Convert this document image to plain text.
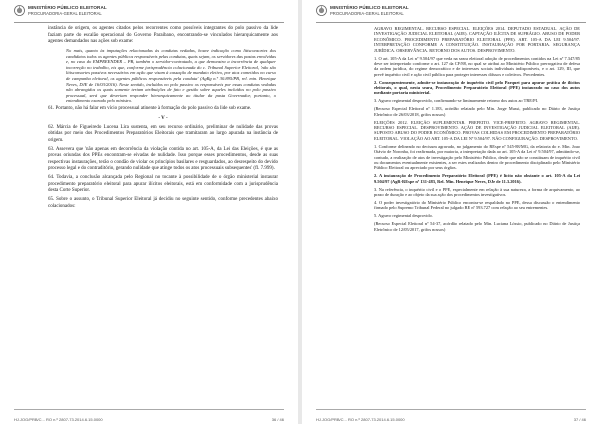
MINISTÉRIO PÚBLICO ELEITORAL
PROCURADORIA-GERAL ELEITORAL

instância de origem, os agentes citados pelos recorrentes como possíveis integrantes do polo passivo da lide faziam parte do escalão operacional do Governo Paraibano, encontrando-se vinculados hierarquicamente aos agentes demandados nas ações sob exame:

No mais, quanto às imputações relacionadas às condutas vedadas, houve indicação como litisconsortes dos candidatos todos os agentes públicos responsáveis pelas condutas, quais sejam, os servidores das pastas envolvidas e, no caso do EMPREENDER – PB, também o servidor-contratado, a que demonstra a incorrência de qualquer incorreção no trabalho, eis que, conforme jurisprudência colacionada do c. Tribunal Superior Eleitoral, 'não são litisconsortes passivos necessários em ação que visam à cassação de mandato eletivo, por atos cometidos no curso de campanha eleitoral, os agentes públicos responsáveis pela conduta' (AgRg n.º 30.895/PB, rel. min. Henrique Neves, DJE de 16/03/2016). Neste sentido, incluídos no polo passivo os responsáveis por essas condutas vedadas não abrangidos os quais somente teriam atribuições de fato e gestão sobre aqueles incluídos no polo passivo processual, será que deveriam responder hierarquicamente ao titular da pasta Governador, portanto, o entendimento exarado pelo ministro.

61. Portanto, não há falar em vício processual atinente à formação do polo passivo da lide sob exame.

- V -

62. Márcia de Figueiredo Lucena Lira sustenta, em seu recurso ordinário, preliminar de nulidade das provas obtidas por meio dos Procedimentos Preparatórios Eleitorais que tramitaram ao largo apurada na instância de origem.

63. Assevera que 'não apenas em decorrência da violação contida no art. 105-A, da Lei das Eleições, é que as provas oriundas dos PPEs encontram-se eivadas de nulidade. Isso porque esses procedimentos, desde as suas respectivas instaurações, terão o condão de violar os princípios basilares e resguardados, ao desrespeito do devido processo legal e do contraditório, gerando nulidade que atinge todos os atos processuais subsequentes' (fl. 7.999).

64. Todavia, a conclusão alcançada pelo Regional no tocante à possibilidade de o órgão ministerial instaurar procedimento preparatório eleitoral para apurar ilícitos eleitorais, está em conformidade com a jurisprudência desta Corte Superior.

65. Sobre o assunto, o Tribunal Superior Eleitoral já decidiu no seguinte sentido, conforme precedentes abaixo colacionados:

HJ.JOG/PRB/C... RO n.º 2807-73.2014.6.15.0000	36 / 46
MINISTÉRIO PÚBLICO ELEITORAL
PROCURADORIA-GERAL ELEITORAL

AGRAVO REGIMENTAL. RECURSO ESPECIAL. ELEIÇÕES 2014. DEPUTADO ESTADUAL. AÇÃO DE INVESTIGAÇÃO JUDICIAL ELEITORAL (AIJE). CAPTAÇÃO ILÍCITA DE SUFRÁGIO. ABUSO DE PODER ECONÔMICO. PROCEDIMENTO PREPARATÓRIO ELEITORAL (PPE). ART. 105-A DA LEI 9.504/97. INTERPRETAÇÃO CONFORME A CONSTITUIÇÃO. INSTAURAÇÃO POR PORTARIA. SEGURANÇA JURÍDICA. OBSERVÂNCIA. RETORNO DOS AUTOS. DESPROVIMENTO.

1. O art. 105-A da Lei nº 9.504/97 que veda na seara eleitoral adoção de procedimentos contidos na Lei nº 7.347/85 deve ser interpretado conforme o art. 127 da CF/88, no qual se atribui ao Ministério Público prerrogativa de defesa da ordem jurídica, do regime democrático e de interesses sociais individuais indisponíveis, e o art. 129, III, que prevê inquérito civil e ação civil pública para proteger interesses difusos e coletivos. Precedentes.

2. Consequentemente, admite-se instauração de inquérito civil pelo Parquet para apurar prática de ilícitos eleitorais, o qual, nesta seara, Procedimento Preparatório Eleitoral (PPE) instaurado no caso dos autos mediante portaria ministerial.

3. Agravo regimental desprovido, confirmando-se liminarmente retorno dos autos ao TRE/PI.

(Recurso Especial Eleitoral nº 1.183, acórdão relatado pelo Min. Jorge Mussi, publicado no Diário de Justiça Eletrônico de 26/03/2018, grifos nossos)

ELEIÇÕES 2012. ELEIÇÃO SUPLEMENTAR. PREFEITO. VICE-PREFEITO. AGRAVO REGIMENTAL. RECURSO ESPECIAL. DESPROVIMENTO. AÇÃO DE INVESTIGAÇÃO JUDICIAL ELEITORAL (AIJE). SUPOSTO ABUSO DO PODER ECONÔMICO. PROVAS COLHIDAS EM PROCEDIMENTO PREPARATÓRIO ELEITORAL. VIOLAÇÃO AO ART. 105-A DA LEI Nº 9.504/97. NÃO CONFIGURAÇÃO. DESPROVIMENTO.

1. Conforme delineado no decisum agravado, no julgamento do REspe nº 545-88/MG, da relatoria do e. Min. Joao Otávio de Noronha, foi reafirmada, por maioria, a interpretação dada ao art. 105-A da Lei nº 9.504/97, admitindo-se, contudo, a realização de atos de investigação pelo Ministério Público, desde que não se constituam de inquérito civil ou documentos eventualmente existentes, a ser estes realizados dentro de procedimento disciplinado pelo Ministério Público Eleitoral ou apreciado por seus órgãos.

2. A instauração de Procedimento Preparatório Eleitoral (PPE) é lícito não obstante o art. 105-A da Lei 9.504/97 (AgR-REspe nº 131-483, Rel. Min. Henrique Neves, DJe de 11.3.2016).

3. Na referência, o inquérito civil e o PPE, especialmente em relação à sua natureza, a forma de arquivamento, ao prazo de duração e ao objeto da sua ação dos procedimentos investigativos.

4. O poder investigatório do Ministério Público encontra-se respaldado no PPE, dessa discussão o entendimento firmado pelo Supremo Tribunal Federal no julgado RE nº 593.727 com relação ao seu entrementes.

5. Agravo regimental desprovido.

(Recurso Especial Eleitoral nº 54-37, acórdão relatado pelo Min. Luciana Lóssio, publicado no Diário de Justiça Eletrônico de 12/05/2017, grifos nossos)

HJ.JOG/PRB/C... RO n.º 2807-73.2014.6.15.0000	37 / 46
